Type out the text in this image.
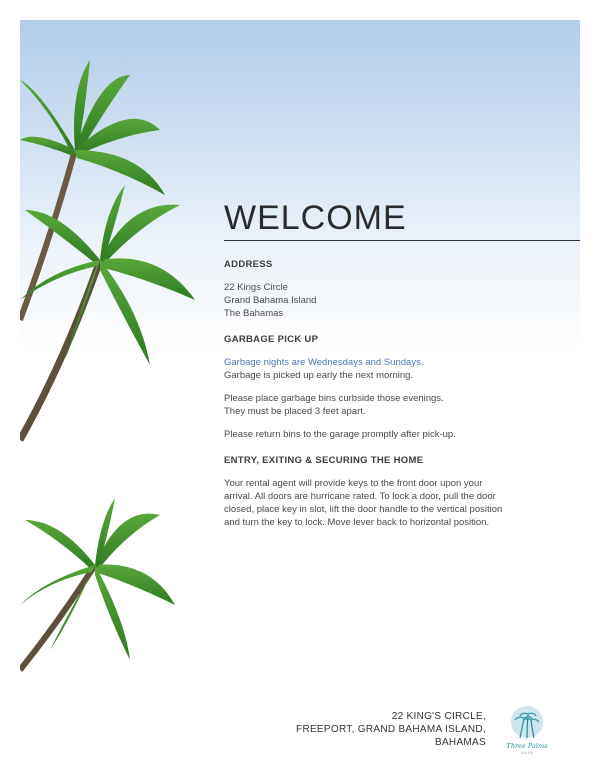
WELCOME
ADDRESS
22 Kings Circle
Grand Bahama Island
The Bahamas
GARBAGE PICK UP
Garbage nights are Wednesdays and Sundays.
Garbage is picked up early the next morning.
Please place garbage bins curbside those evenings.
They must be placed 3 feet apart.
Please return bins to the garage promptly after pick-up.
ENTRY, EXITING & SECURING THE HOME
Your rental agent will provide keys to the front door upon your
arrival. All doors are hurricane rated. To lock a door, pull the door
closed, place key in slot, lift the door handle to the vertical position
and turn the key to lock. Move lever back to horizontal position.
22 KING'S CIRCLE,
FREEPORT, GRAND BAHAMA ISLAND,
BAHAMAS	Three Palms
VILLA
